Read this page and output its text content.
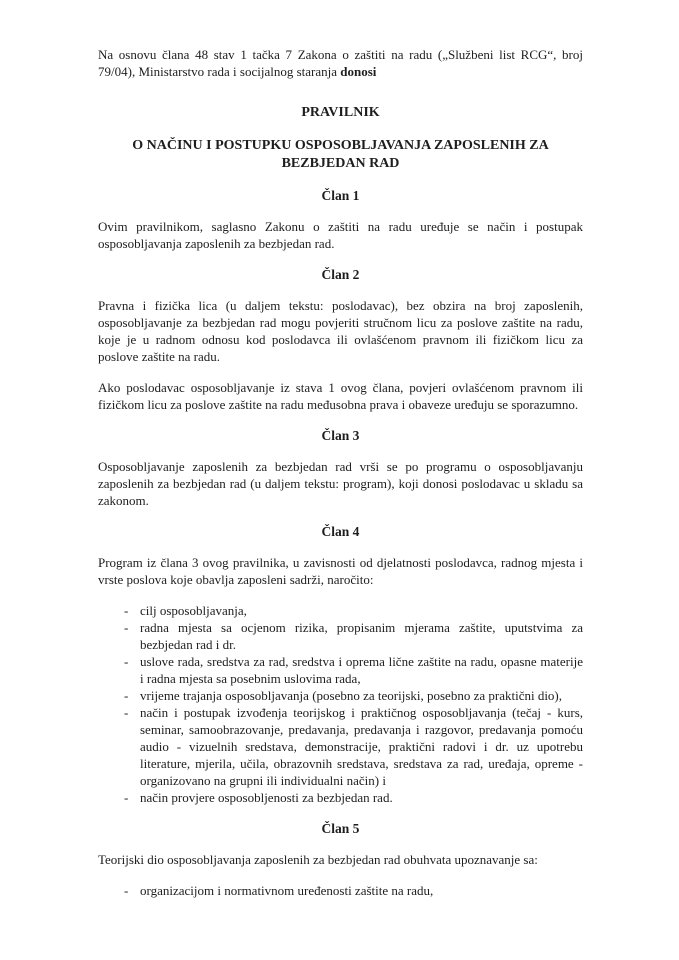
Na osnovu člana 48 stav 1 tačka 7 Zakona o zaštiti na radu („Službeni list RCG“, broj 79/04), Ministarstvo rada i socijalnog staranja donosi

PRAVILNIK
O NAČINU I POSTUPKU OSPOSOBLJAVANJA ZAPOSLENIH ZA BEZBJEDAN RAD
Član 1

Ovim pravilnikom, saglasno Zakonu o zaštiti na radu uređuje se način i postupak osposobljavanja zaposlenih za bezbjedan rad.

Član 2

Pravna i fizička lica (u daljem tekstu: poslodavac), bez obzira na broj zaposlenih, osposobljavanje za bezbjedan rad mogu povjeriti stručnom licu za poslove zaštite na radu, koje je u radnom odnosu kod poslodavca ili ovlašćenom pravnom ili fizičkom licu za poslove zaštite na radu.

Ako poslodavac osposobljavanje iz stava 1 ovog člana, povjeri ovlašćenom pravnom ili fizičkom licu za poslove zaštite na radu međusobna prava i obaveze uređuju se sporazumno.

Član 3

Osposobljavanje zaposlenih za bezbjedan rad vrši se po programu o osposobljavanju zaposlenih za bezbjedan rad (u daljem tekstu: program), koji donosi poslodavac u skladu sa zakonom.

Član 4

Program iz člana 3 ovog pravilnika, u zavisnosti od djelatnosti poslodavca, radnog mjesta i vrste poslova koje obavlja zaposleni sadrži, naročito:

- cilj osposobljavanja,
- radna mjesta sa ocjenom rizika, propisanim mjerama zaštite, uputstvima za bezbjedan rad i dr.
- uslove rada, sredstva za rad, sredstva i oprema lične zaštite na radu, opasne materije i radna mjesta sa posebnim uslovima rada,
- vrijeme trajanja osposobljavanja (posebno za teorijski, posebno za praktični dio),
- način i postupak izvođenja teorijskog i praktičnog osposobljavanja (tečaj - kurs, seminar, samoobrazovanje, predavanja, predavanja i razgovor, predavanja pomoću audio - vizuelnih sredstava, demonstracije, praktični radovi i dr. uz upotrebu literature, mjerila, učila, obrazovnih sredstava, sredstava za rad, uređaja, opreme - organizovano na grupni ili individualni način) i
- način provjere osposobljenosti za bezbjedan rad.
Član 5

Teorijski dio osposobljavanja zaposlenih za bezbjedan rad obuhvata upoznavanje sa:

- organizacijom i normativnom uređenosti zaštite na radu,
